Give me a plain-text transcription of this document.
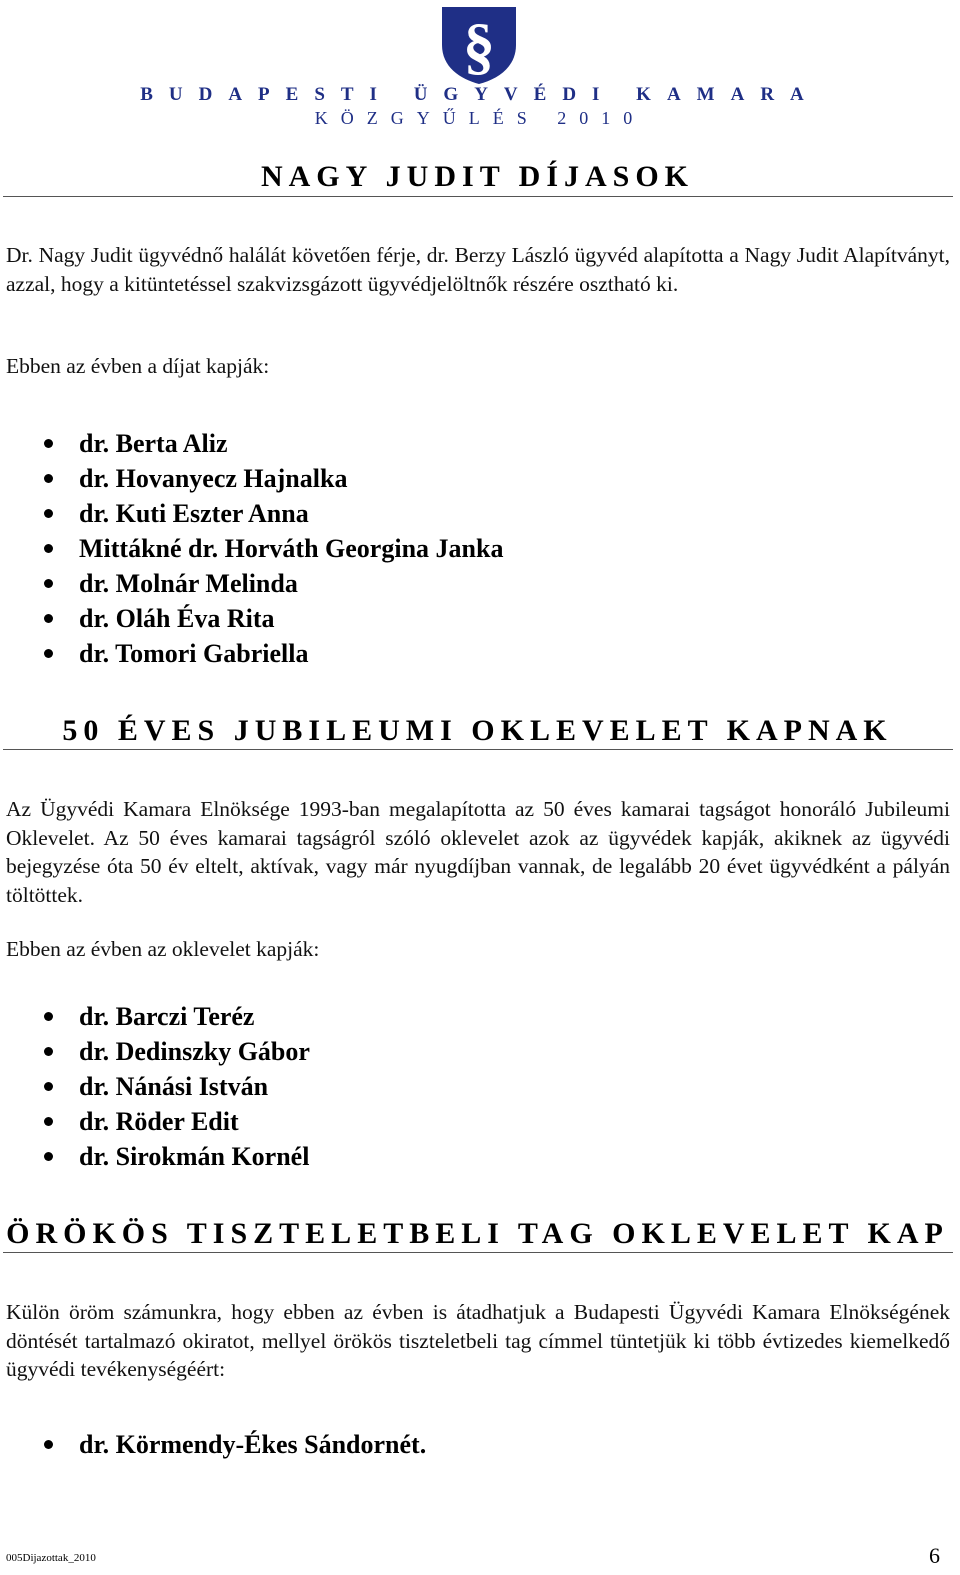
§
BUDAPESTI ÜGYVÉDI KAMARA
KÖZGYŰLÉS 2010
NAGY JUDIT DÍJASOK
Dr. Nagy Judit ügyvédnő halálát követően férje, dr. Berzy László ügyvéd alapította a Nagy Judit Alapítványt, azzal, hogy a kitüntetéssel szakvizsgázott ügyvédjelöltnők részére osztható ki.
Ebben az évben a díjat kapják:
dr. Berta Aliz
dr. Hovanyecz Hajnalka
dr. Kuti Eszter Anna
Mittákné dr. Horváth Georgina Janka
dr. Molnár Melinda
dr. Oláh Éva Rita
dr. Tomori Gabriella
50 ÉVES JUBILEUMI OKLEVELET KAPNAK
Az Ügyvédi Kamara Elnöksége 1993-ban megalapította az 50 éves kamarai tagságot honoráló Jubileumi Oklevelet. Az 50 éves kamarai tagságról szóló oklevelet azok az ügyvédek kapják, akiknek az ügyvédi bejegyzése óta 50 év eltelt, aktívak, vagy már nyugdíjban vannak, de legalább 20 évet ügyvédként a pályán töltöttek.
Ebben az évben az oklevelet kapják:
dr. Barczi Teréz
dr. Dedinszky Gábor
dr. Nánási István
dr. Röder Edit
dr. Sirokmán Kornél
ÖRÖKÖS TISZTELETBELI TAG OKLEVELET KAP
Külön öröm számunkra, hogy ebben az évben is átadhatjuk a Budapesti Ügyvédi Kamara Elnökségének döntését tartalmazó okiratot, mellyel örökös tiszteletbeli tag címmel tüntetjük ki több évtizedes kiemelkedő ügyvédi tevékenységéért:
dr. Körmendy-Ékes Sándornét.
005Dijazottak_2010	6
